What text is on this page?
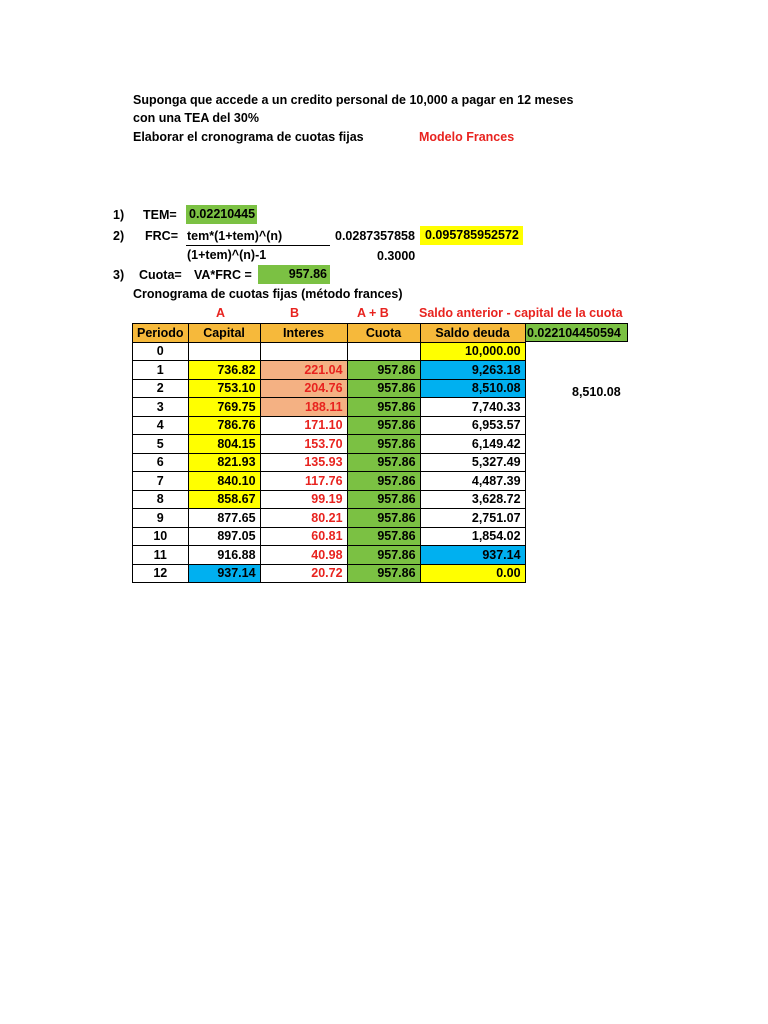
Suponga que accede a un credito personal de 10,000 a pagar en 12 meses
con una TEA del 30%
Elaborar el cronograma de cuotas fijas	Modelo Frances
1) TEM= 0.02210445
2) FRC= tem*(1+tem)^(n)
(1+tem)^(n)-1
0.0287357858 0.095785952572
0.3000
3) Cuota= VA*FRC =	957.86
Cronograma de cuotas fijas (método frances)
A	B	A + B Saldo anterior - capital de la cuota
0.022104450594
8,510.08
Periodo	Capital	Interes	Cuota	Saldo deuda
0				10,000.00
1	736.82	221.04	957.86	9,263.18
2	753.10	204.76	957.86	8,510.08
3	769.75	188.11	957.86	7,740.33
4	786.76	171.10	957.86	6,953.57
5	804.15	153.70	957.86	6,149.42
6	821.93	135.93	957.86	5,327.49
7	840.10	117.76	957.86	4,487.39
8	858.67	99.19	957.86	3,628.72
9	877.65	80.21	957.86	2,751.07
10	897.05	60.81	957.86	1,854.02
11	916.88	40.98	957.86	937.14
12	937.14	20.72	957.86	0.00
